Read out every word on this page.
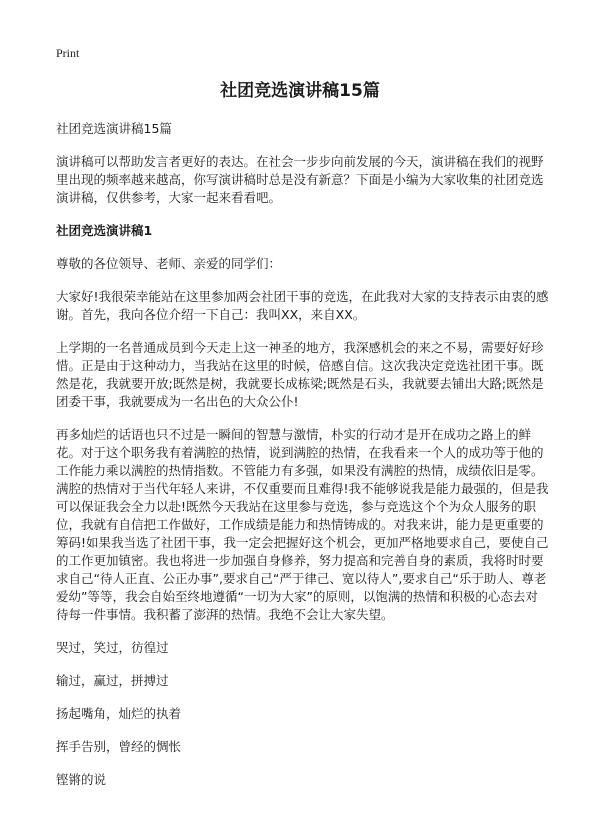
Print
社团竞选演讲稿15篇

社团竞选演讲稿15篇

演讲稿可以帮助发言者更好的表达。在社会一步步向前发展的今天，演讲稿在我们的视野里出现的频率越来越高，你写演讲稿时总是没有新意？下面是小编为大家收集的社团竞选演讲稿，仅供参考，大家一起来看看吧。

社团竞选演讲稿1

尊敬的各位领导、老师、亲爱的同学们：

大家好!我很荣幸能站在这里参加两会社团干事的竞选，在此我对大家的支持表示由衷的感谢。首先，我向各位介绍一下自己：我叫XX，来自XX。

上学期的一名普通成员到今天走上这一神圣的地方，我深感机会的来之不易，需要好好珍惜。正是由于这种动力，当我站在这里的时候，倍感自信。这次我决定竞选社团干事。既然是花，我就要开放;既然是树，我就要长成栋梁;既然是石头，我就要去铺出大路;既然是团委干事，我就要成为一名出色的大众公仆!

再多灿烂的话语也只不过是一瞬间的智慧与激情，朴实的行动才是开在成功之路上的鲜花。对于这个职务我有着满腔的热情，说到满腔的热情，在我看来一个人的成功等于他的工作能力乘以满腔的热情指数。不管能力有多强，如果没有满腔的热情，成绩依旧是零。满腔的热情对于当代年轻人来讲，不仅重要而且难得!我不能够说我是能力最强的，但是我可以保证我会全力以赴!既然今天我站在这里参与竞选，参与竞选这个个为众人服务的职位，我就有自信把工作做好，工作成绩是能力和热情铸成的。对我来讲，能力是更重要的筹码!如果我当选了社团干事，我一定会把握好这个机会，更加严格地要求自己，要使自己的工作更加镇密。我也将进一步加强自身修养，努力提高和完善自身的素质，我将时时要求自己“待人正直、公正办事”,要求自己“严于律己、宽以待人”,要求自己“乐于助人、尊老爱幼”等等，我会自始至终地遵循“一切为大家”的原则，以饱满的热情和积极的心态去对待每一件事情。我积蓄了澎湃的热情。我绝不会让大家失望。

哭过，笑过，彷徨过

输过，赢过，拼搏过

扬起嘴角，灿烂的执着

挥手告别，曾经的惆怅

铿锵的说
